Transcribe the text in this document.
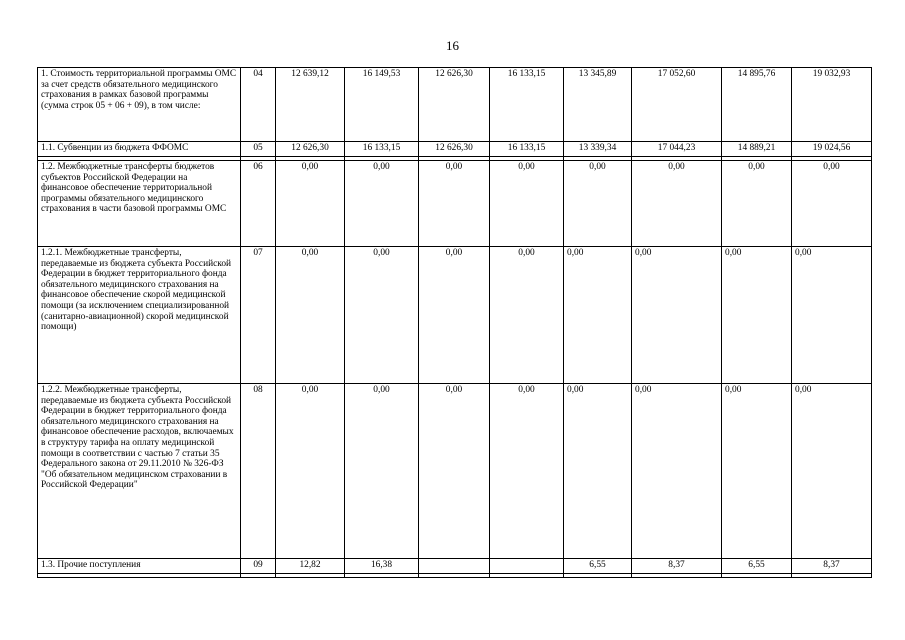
16
1. Стоимость территориальной программы ОМС за счет средств обязательного медицинского страхования в рамках базовой программы (сумма строк 05 + 06 + 09), в том числе:	04	12 639,12	16 149,53	12 626,30	16 133,15	13 345,89	17 052,60	14 895,76	19 032,93
1.1. Субвенции из бюджета ФФОМС	05	12 626,30	16 133,15	12 626,30	16 133,15	13 339,34	17 044,23	14 889,21	19 024,56

1.2. Межбюджетные трансферты бюджетов субъектов Российской Федерации на финансовое обеспечение территориальной программы обязательного медицинского страхования в части базовой программы ОМС	06	0,00	0,00	0,00	0,00	0,00	0,00	0,00	0,00
1.2.1. Межбюджетные трансферты, передаваемые из бюджета субъекта Российской Федерации в бюджет территориального фонда обязательного медицинского страхования на финансовое обеспечение скорой медицинской помощи (за исключением специализированной (санитарно-авиационной) скорой медицинской помощи)	07	0,00	0,00	0,00	0,00	0,00	0,00	0,00	0,00
1.2.2. Межбюджетные трансферты, передаваемые из бюджета субъекта Российской Федерации в бюджет территориального фонда обязательного медицинского страхования на финансовое обеспечение расходов, включаемых в структуру тарифа на оплату медицинской помощи в соответствии с частью 7 статьи 35 Федерального закона от 29.11.2010 № 326-ФЗ "Об обязательном медицинском страховании в Российской Федерации"	08	0,00	0,00	0,00	0,00	0,00	0,00	0,00	0,00
1.3. Прочие поступления	09	12,82	16,38			6,55	8,37	6,55	8,37
